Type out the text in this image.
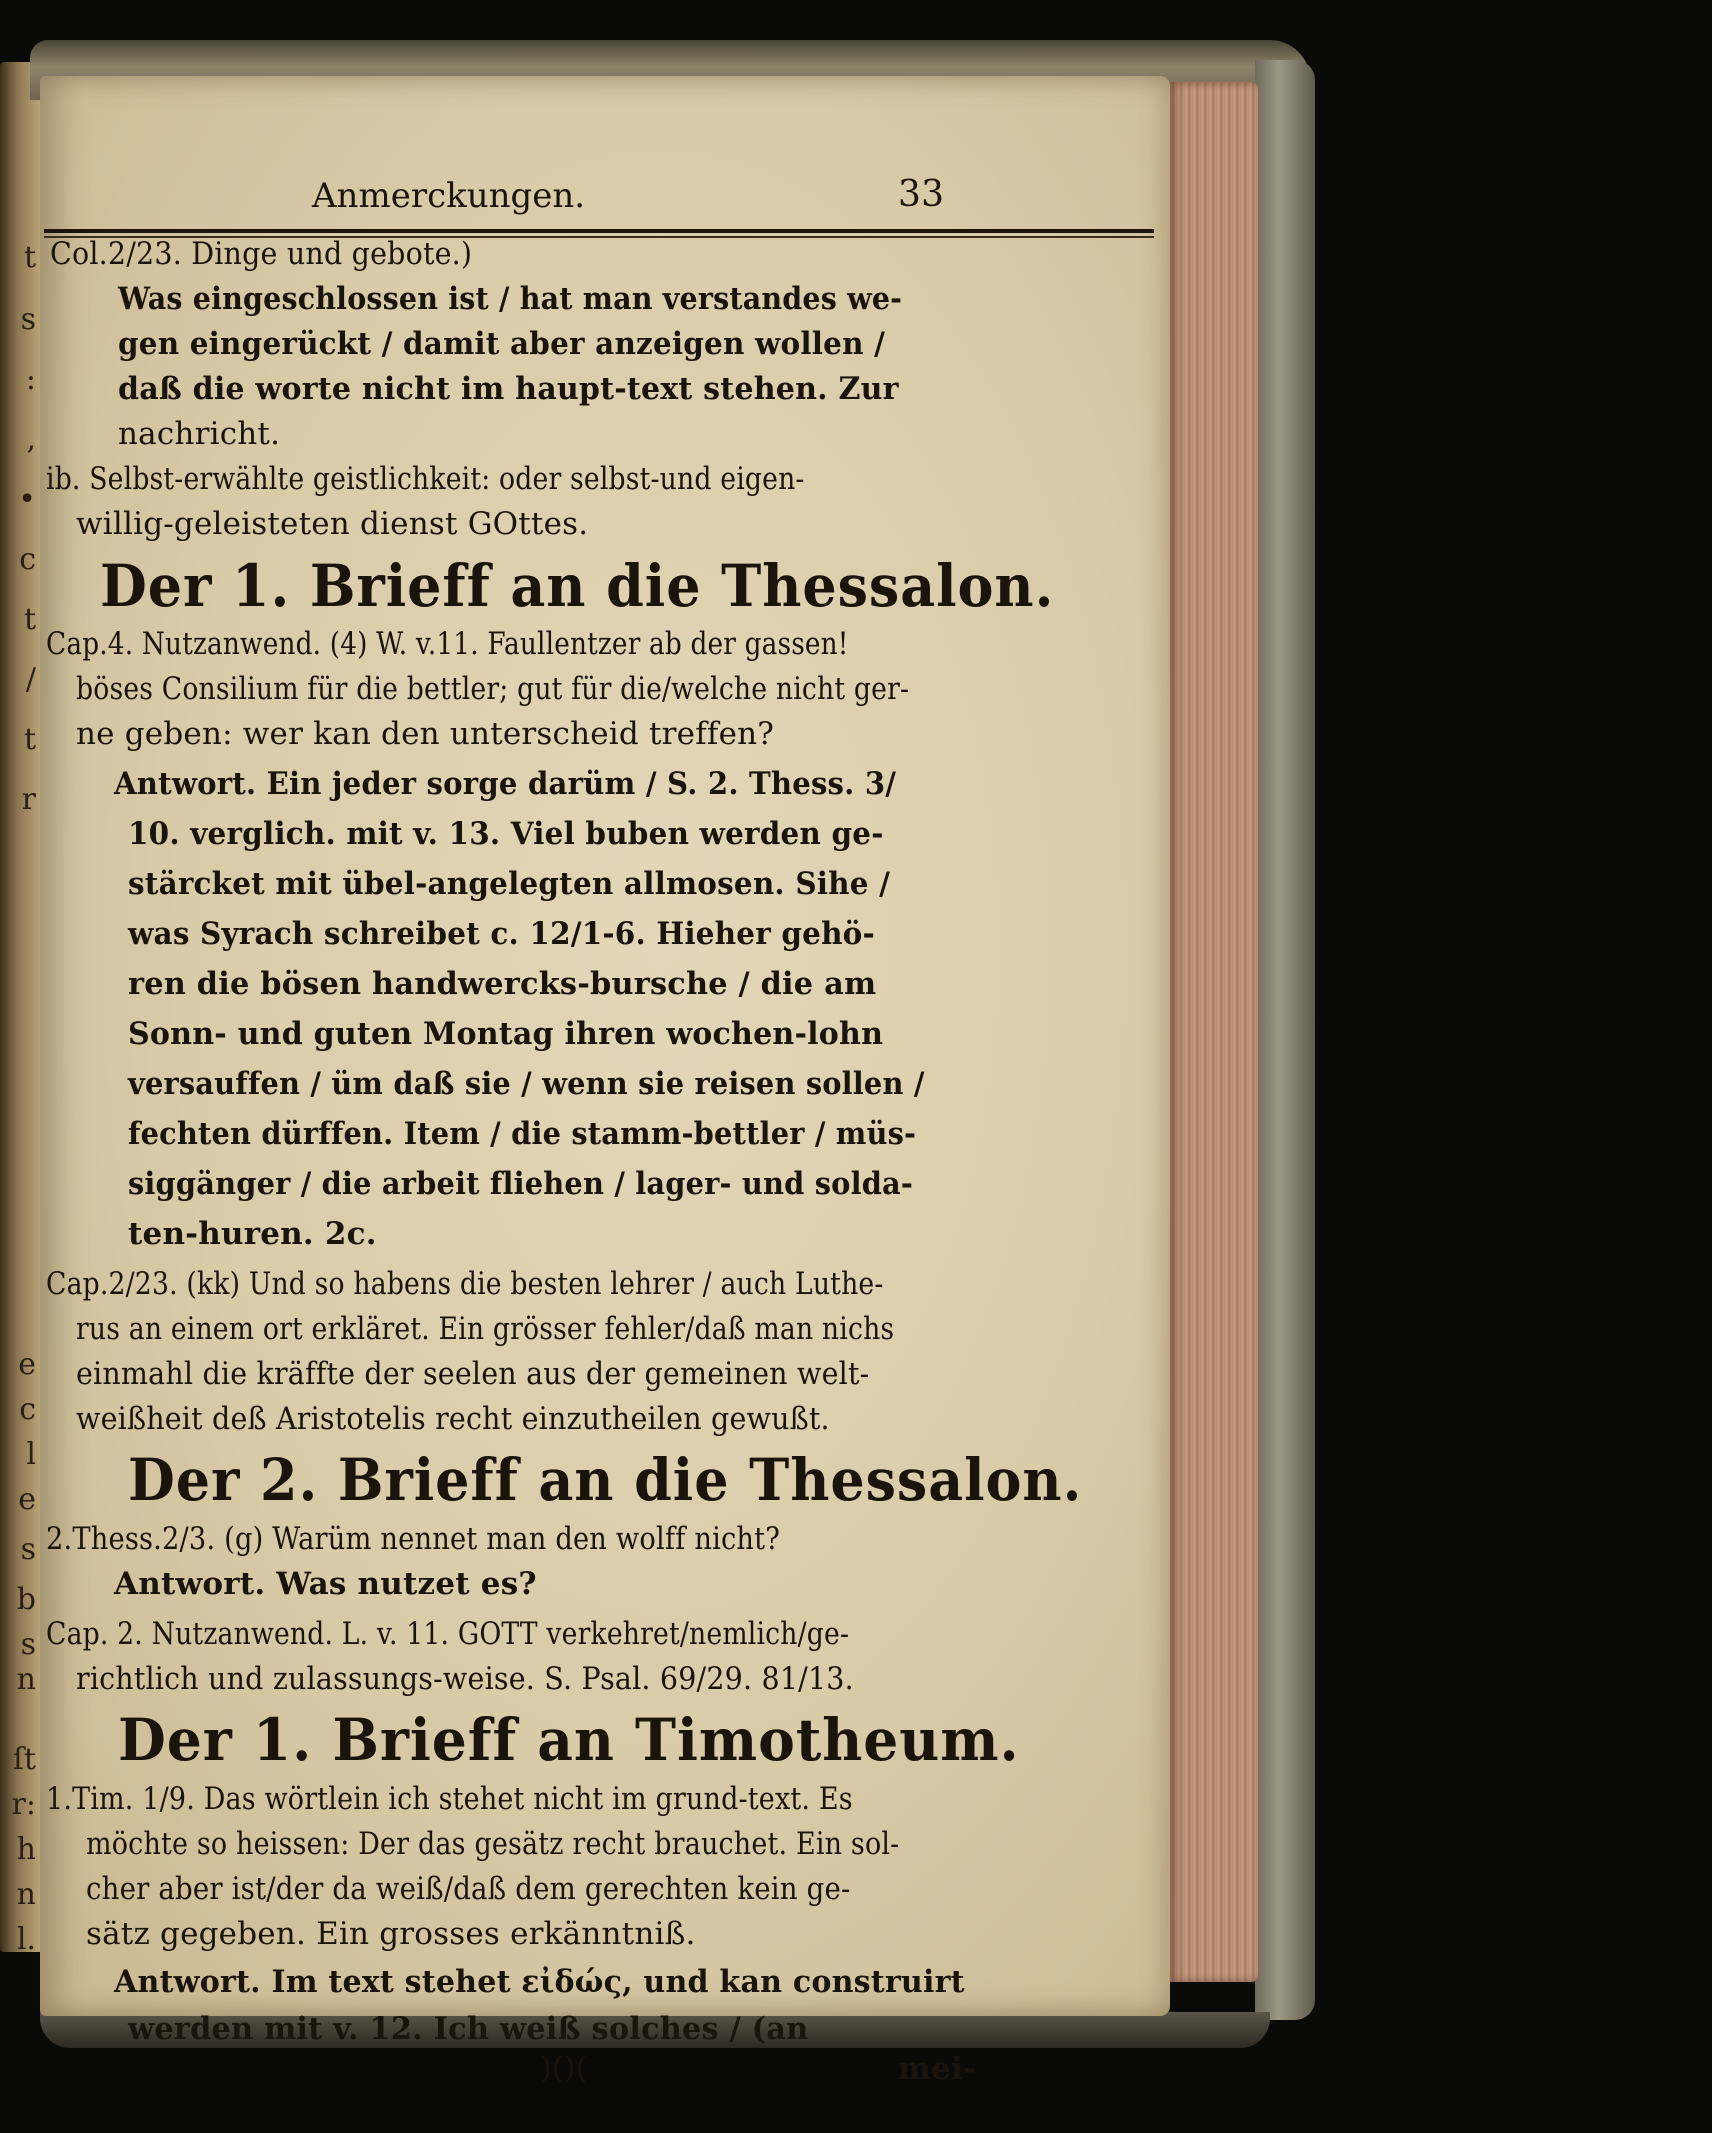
t
s
:
,
•
c
t
/
t
r
e
c
l
e
s
b
s
n
ſt
r:
h
n
l.
Anmerckungen.	33
Col.2/23. Dinge und gebote.)
Was eingeschlossen ist / hat man verstandes we-
gen eingerückt / damit aber anzeigen wollen /
daß die worte nicht im haupt-text stehen. Zur
nachricht.
ib. Selbst-erwählte geistlichkeit: oder selbst-und eigen-
willig-geleisteten dienst GOttes.
Der 1. Brieff an die Thessalon.
Cap.4. Nutzanwend. (4) W. v.11. Faullentzer ab der gassen!
böses Consilium für die bettler; gut für die/welche nicht ger-
ne geben: wer kan den unterscheid treffen?
Antwort. Ein jeder sorge darüm / S. 2. Thess. 3/
10. verglich. mit v. 13. Viel buben werden ge-
stärcket mit übel-angelegten allmosen. Sihe /
was Syrach schreibet c. 12/1-6. Hieher gehö-
ren die bösen handwercks-bursche / die am
Sonn- und guten Montag ihren wochen-lohn
versauffen / üm daß sie / wenn sie reisen sollen /
fechten dürffen. Item / die stamm-bettler / müs-
siggänger / die arbeit fliehen / lager- und solda-
ten-huren. 2c.
Cap.2/23. (kk) Und so habens die besten lehrer / auch Luthe-
rus an einem ort erkläret. Ein grösser fehler/daß man nichs
einmahl die kräffte der seelen aus der gemeinen welt-
weißheit deß Aristotelis recht einzutheilen gewußt.
Der 2. Brieff an die Thessalon.
2.Thess.2/3. (g) Warüm nennet man den wolff nicht?
Antwort. Was nutzet es?
Cap. 2. Nutzanwend. L. v. 11. GOTT verkehret/nemlich/ge-
richtlich und zulassungs-weise. S. Psal. 69/29. 81/13.
Der 1. Brieff an Timotheum.
1.Tim. 1/9. Das wörtlein ich stehet nicht im grund-text. Es
möchte so heissen: Der das gesätz recht brauchet. Ein sol-
cher aber ist/der da weiß/daß dem gerechten kein ge-
sätz gegeben. Ein grosses erkänntniß.
Antwort. Im text stehet εἰδώς, und kan construirt
werden mit v. 12. Ich weiß solches / (an
)()(	mei-
